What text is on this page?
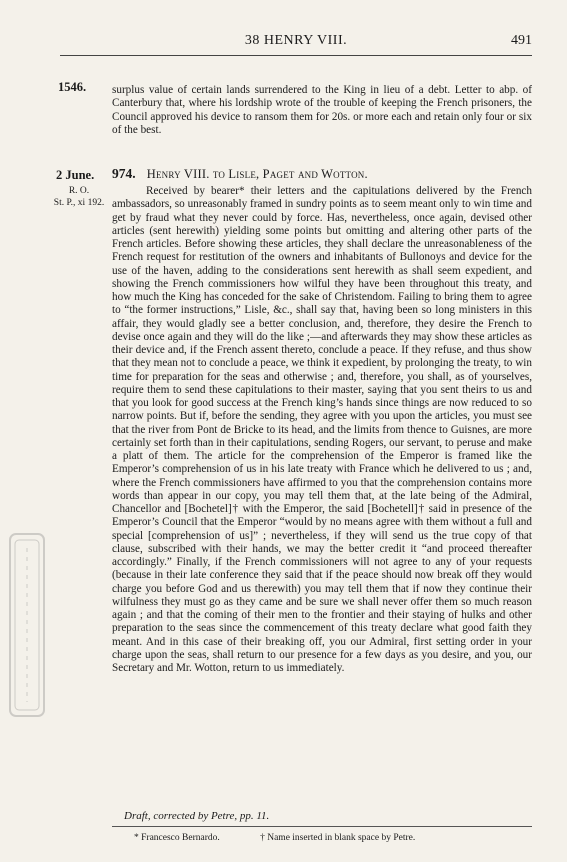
38 HENRY VIII.	491
1546. surplus value of certain lands surrendered to the King in lieu of a debt. Letter to abp. of Canterbury that, where his lordship wrote of the trouble of keeping the French prisoners, the Council approved his device to ransom them for 20s. or more each and retain only four or six of the best.

2 June. 974. Henry VIII. to Lisle, Paget and Wotton.
R. O.
St. P., xi 192.

Received by bearer* their letters and the capitulations delivered by the French ambassadors, so unreasonably framed in sundry points as to seem meant only to win time and get by fraud what they never could by force. Has, nevertheless, once again, devised other articles (sent herewith) yielding some points but omitting and altering other parts of the French articles. Before showing these articles, they shall declare the unreasonableness of the French request for restitution of the owners and inhabitants of Bullonoys and device for the use of the haven, adding to the considerations sent herewith as shall seem expedient, and showing the French commissioners how wilful they have been throughout this treaty, and how much the King has conceded for the sake of Christendom. Failing to bring them to agree to “the former instructions,” Lisle, &c., shall say that, having been so long ministers in this affair, they would gladly see a better conclusion, and, therefore, they desire the French to devise once again and they will do the like ;—and afterwards they may show these articles as their device and, if the French assent thereto, conclude a peace. If they refuse, and thus show that they mean not to conclude a peace, we think it expedient, by prolonging the treaty, to win time for preparation for the seas and otherwise ; and, therefore, you shall, as of yourselves, require them to send these capitulations to their master, saying that you sent theirs to us and that you look for good success at the French king’s hands since things are now reduced to so narrow points. But if, before the sending, they agree with you upon the articles, you must see that the river from Pont de Bricke to its head, and the limits from thence to Guisnes, are more certainly set forth than in their capitulations, sending Rogers, our servant, to peruse and make a platt of them. The article for the comprehension of the Emperor is framed like the Emperor’s comprehension of us in his late treaty with France which he delivered to us ; and, where the French commissioners have affirmed to you that the comprehension contains more words than appear in our copy, you may tell them that, at the late being of the Admiral, Chancellor and [Bochetel]† with the Emperor, the said [Bochetell]† said in presence of the Emperor’s Council that the Emperor “would by no means agree with them without a full and special [comprehension of us]” ; nevertheless, if they will send us the true copy of that clause, subscribed with their hands, we may the better credit it “and proceed thereafter accordingly.” Finally, if the French commissioners will not agree to any of your requests (because in their late conference they said that if the peace should now break off they would charge you before God and us therewith) you may tell them that if now they continue their wilfulness they must go as they came and be sure we shall never offer them so much reason again ; and that the coming of their men to the frontier and their staying of hulks and other preparation to the seas since the commencement of this treaty declare what good faith they meant. And in this case of their breaking off, you our Admiral, first setting order in your charge upon the seas, shall return to our presence for a few days as you desire, and you, our Secretary and Mr. Wotton, return to us immediately.

Draft, corrected by Petre, pp. 11.
* Francesco Bernardo.	† Name inserted in blank space by Petre.
